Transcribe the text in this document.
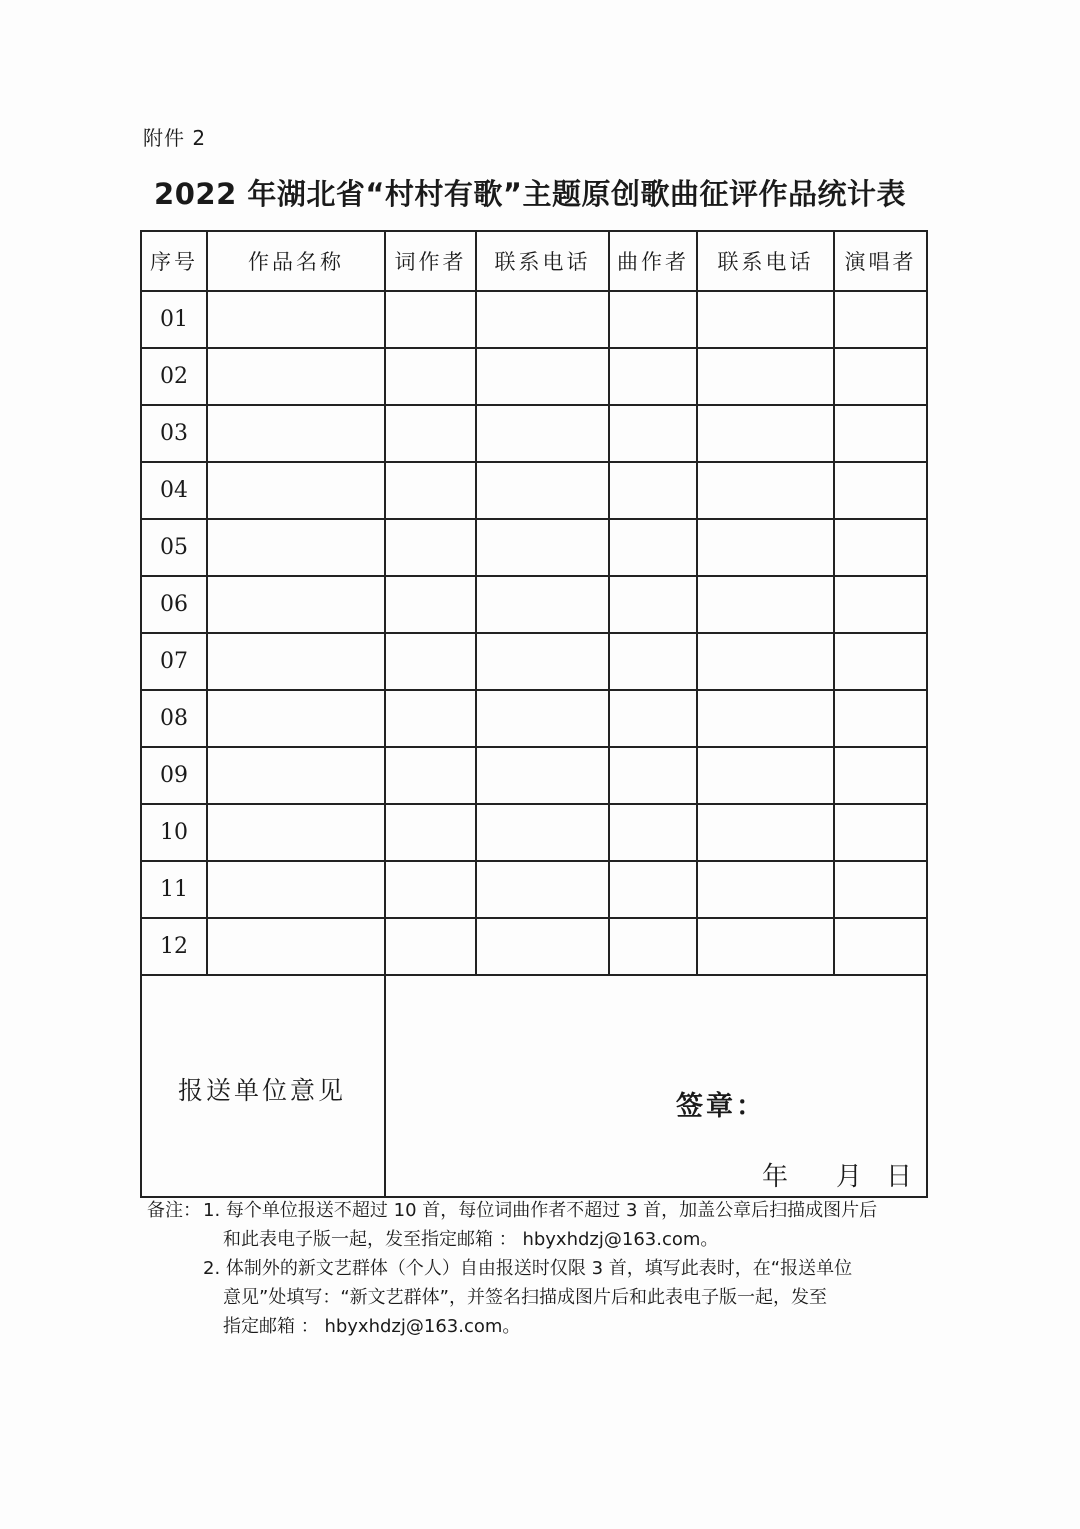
附件 2
2022 年湖北省“村村有歌”主题原创歌曲征评作品统计表
序号	作品名称	词作者	联系电话	曲作者	联系电话	演唱者
01						
02						
03						
04						
05						
06						
07						
08						
09						
10						
11						
12						
报送单位意见		签章：
年 月 日				
备注： 1. 每个单位报送不超过 10 首，每位词曲作者不超过 3 首，加盖公章后扫描成图片后
和此表电子版一起，发至指定邮箱 ： hbyxhdzj@163.com。
2. 体制外的新文艺群体（个人）自由报送时仅限 3 首，填写此表时，在“报送单位
意见”处填写：“新文艺群体”，并签名扫描成图片后和此表电子版一起，发至
指定邮箱 ： hbyxhdzj@163.com。
